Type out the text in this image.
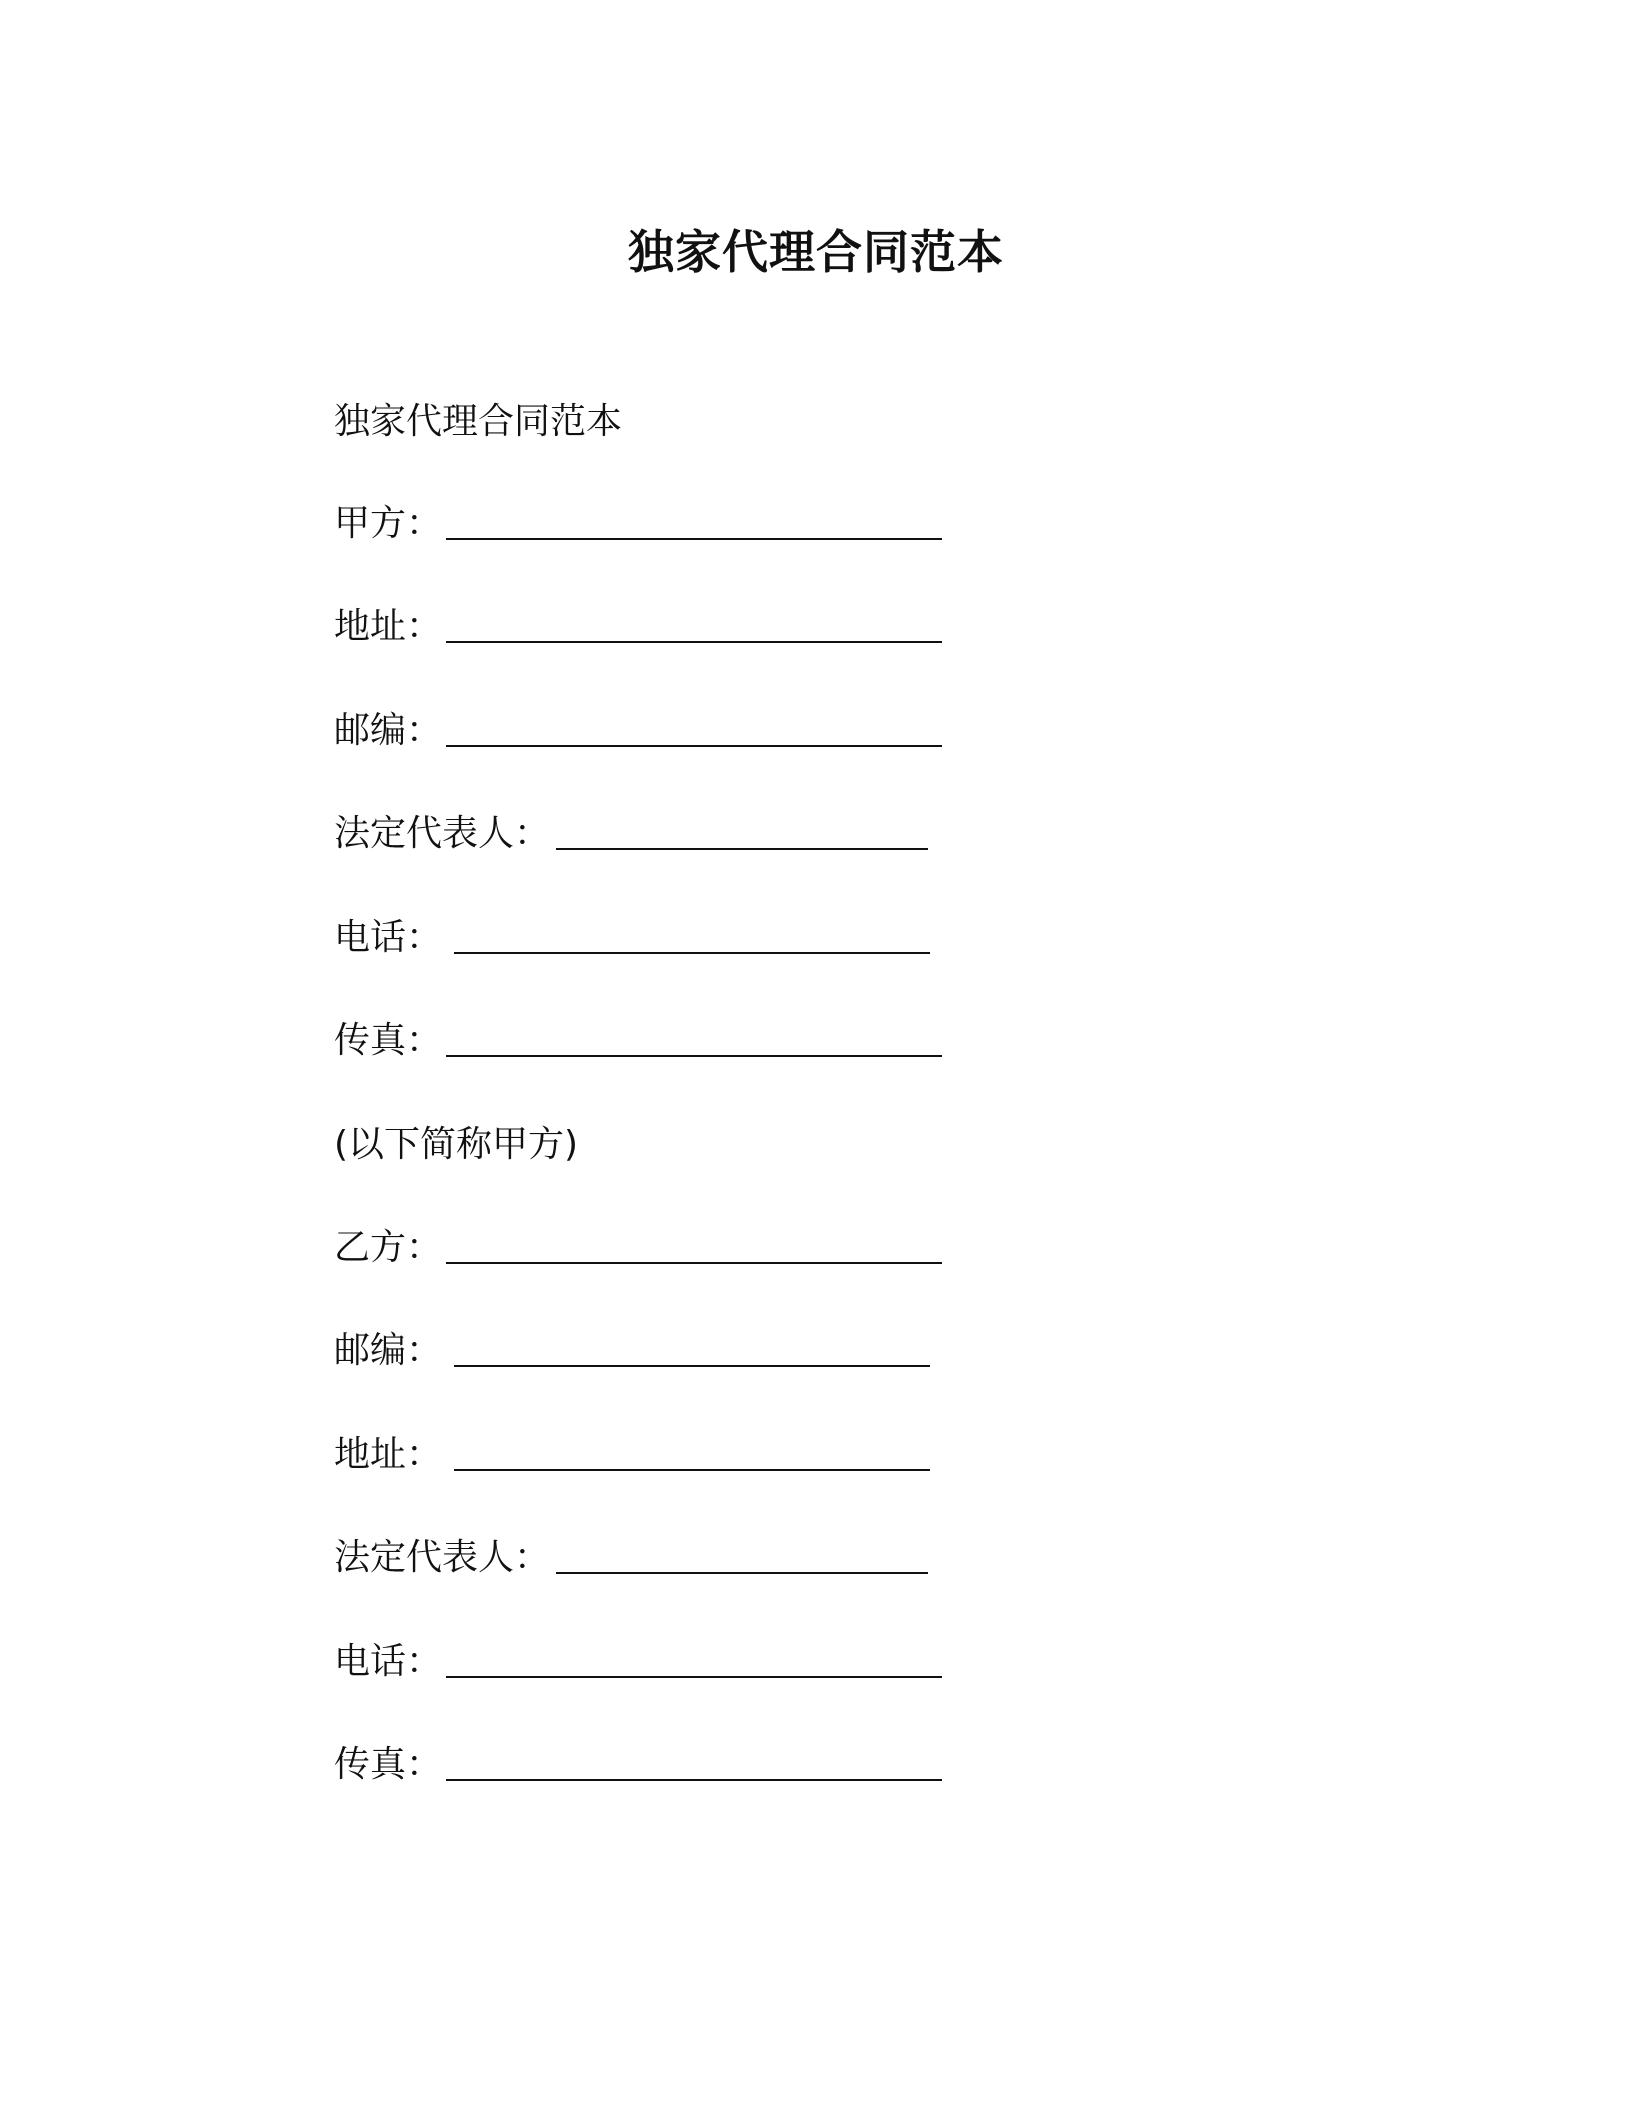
独家代理合同范本
独家代理合同范本
甲方：
地址：
邮编：
法定代表人：
电话：
传真：
(以下简称甲方)
乙方：
邮编：
地址：
法定代表人：
电话：
传真：
